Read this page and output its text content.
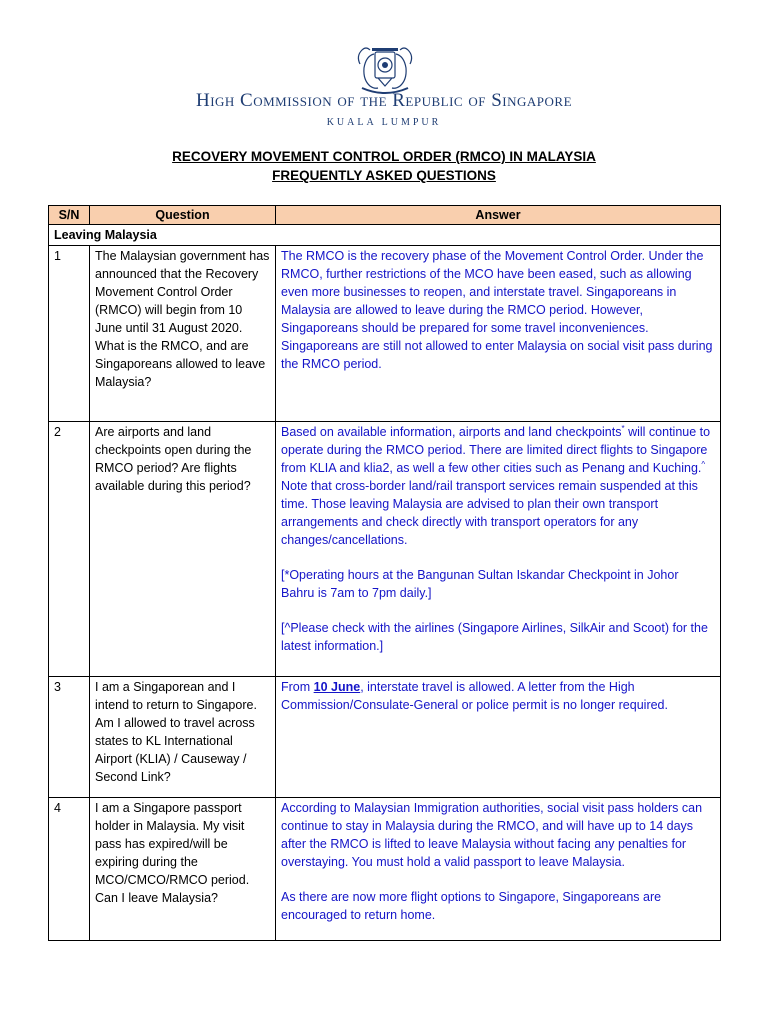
High Commission of the Republic of Singapore
KUALA LUMPUR
RECOVERY MOVEMENT CONTROL ORDER (RMCO) IN MALAYSIA
FREQUENTLY ASKED QUESTIONS
S/N	Question	Answer
Leaving Malaysia		
1	The Malaysian government has announced that the Recovery Movement Control Order (RMCO) will begin from 10 June until 31 August 2020. What is the RMCO, and are Singaporeans allowed to leave Malaysia?	The RMCO is the recovery phase of the Movement Control Order. Under the RMCO, further restrictions of the MCO have been eased, such as allowing even more businesses to reopen, and interstate travel. Singaporeans in Malaysia are allowed to leave during the RMCO period. However, Singaporeans should be prepared for some travel inconveniences. Singaporeans are still not allowed to enter Malaysia on social visit pass during the RMCO period.
2	Are airports and land checkpoints open during the RMCO period? Are flights available during this period?	Based on available information, airports and land checkpoints* will continue to operate during the RMCO period. There are limited direct flights to Singapore from KLIA and klia2, as well a few other cities such as Penang and Kuching.^ Note that cross-border land/rail transport services remain suspended at this time. Those leaving Malaysia are advised to plan their own transport arrangements and check directly with transport operators for any changes/cancellations.

[*Operating hours at the Bangunan Sultan Iskandar Checkpoint in Johor Bahru is 7am to 7pm daily.]

[^Please check with the airlines (Singapore Airlines, SilkAir and Scoot) for the latest information.]

3	I am a Singaporean and I intend to return to Singapore. Am I allowed to travel across states to KL International Airport (KLIA) / Causeway / Second Link?	From 10 June, interstate travel is allowed. A letter from the High Commission/Consulate-General or police permit is no longer required.
4	I am a Singapore passport holder in Malaysia. My visit pass has expired/will be expiring during the MCO/CMCO/RMCO period. Can I leave Malaysia?	According to Malaysian Immigration authorities, social visit pass holders can continue to stay in Malaysia during the RMCO, and will have up to 14 days after the RMCO is lifted to leave Malaysia without facing any penalties for overstaying. You must hold a valid passport to leave Malaysia.

As there are now more flight options to Singapore, Singaporeans are encouraged to return home.
